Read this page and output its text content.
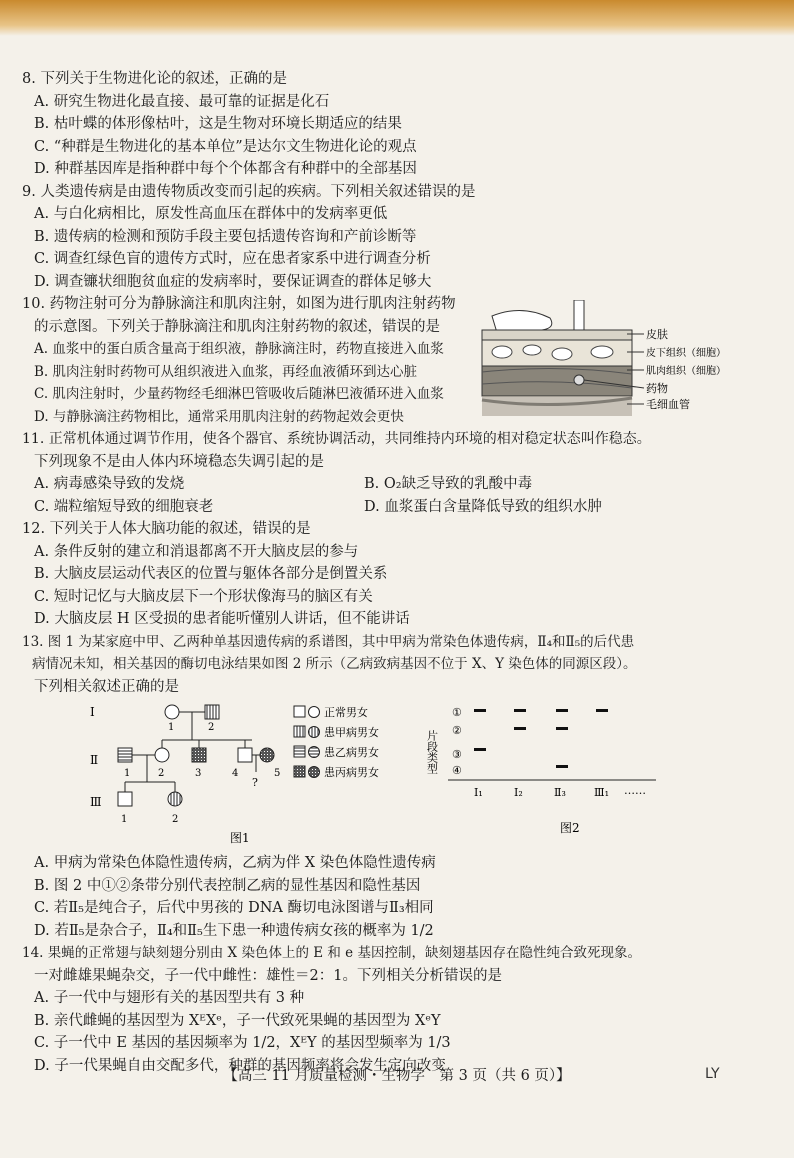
8. 下列关于生物进化论的叙述，正确的是

A. 研究生物进化最直接、最可靠的证据是化石

B. 枯叶蝶的体形像枯叶，这是生物对环境长期适应的结果

C. “种群是生物进化的基本单位”是达尔文生物进化论的观点

D. 种群基因库是指种群中每个个体都含有种群中的全部基因

9. 人类遗传病是由遗传物质改变而引起的疾病。下列相关叙述错误的是

A. 与白化病相比，原发性高血压在群体中的发病率更低

B. 遗传病的检测和预防手段主要包括遗传咨询和产前诊断等

C. 调查红绿色盲的遗传方式时，应在患者家系中进行调查分析

D. 调查镰状细胞贫血症的发病率时，要保证调查的群体足够大

10. 药物注射可分为静脉滴注和肌肉注射，如图为进行肌肉注射药物

的示意图。下列关于静脉滴注和肌肉注射药物的叙述，错误的是

A. 血浆中的蛋白质含量高于组织液，静脉滴注时，药物直接进入血浆

B. 肌肉注射时药物可从组织液进入血浆，再经血液循环到达心脏

C. 肌肉注射时，少量药物经毛细淋巴管吸收后随淋巴液循环进入血浆

D. 与静脉滴注药物相比，通常采用肌肉注射的药物起效会更快

11. 正常机体通过调节作用，使各个器官、系统协调活动，共同维持内环境的相对稳定状态叫作稳态。

下列现象不是由人体内环境稳态失调引起的是

A. 病毒感染导致的发烧	B. O₂缺乏导致的乳酸中毒

C. 端粒缩短导致的细胞衰老	D. 血浆蛋白含量降低导致的组织水肿

12. 下列关于人体大脑功能的叙述，错误的是

A. 条件反射的建立和消退都离不开大脑皮层的参与

B. 大脑皮层运动代表区的位置与躯体各部分是倒置关系

C. 短时记忆与大脑皮层下一个形状像海马的脑区有关

D. 大脑皮层 H 区受损的患者能听懂别人讲话，但不能讲话

13. 图 1 为某家庭中甲、乙两种单基因遗传病的系谱图，其中甲病为常染色体遗传病，Ⅱ₄和Ⅱ₅的后代患

病情况未知，相关基因的酶切电泳结果如图 2 所示（乙病致病基因不位于 X、Y 染色体的同源区段）。

下列相关叙述正确的是

Ⅰ
Ⅱ
Ⅲ
1	2
1	2	3	4	5
?
1	2
正常男女
患甲病男女
患乙病男女
患丙病男女
图1
片段类型
①
②
③
④
Ⅰ₁	Ⅰ₂	Ⅱ₃	Ⅲ₁ ……
图2

A. 甲病为常染色体隐性遗传病，乙病为伴 X 染色体隐性遗传病

B. 图 2 中①②条带分别代表控制乙病的显性基因和隐性基因

C. 若Ⅱ₅是纯合子，后代中男孩的 DNA 酶切电泳图谱与Ⅱ₃相同

D. 若Ⅱ₅是杂合子，Ⅱ₄和Ⅱ₅生下患一种遗传病女孩的概率为 1/2

14. 果蝇的正常翅与缺刻翅分别由 X 染色体上的 E 和 e 基因控制，缺刻翅基因存在隐性纯合致死现象。

一对雌雄果蝇杂交，子一代中雌性：雄性＝2：1。下列相关分析错误的是

A. 子一代中与翅形有关的基因型共有 3 种

B. 亲代雌蝇的基因型为 XᴱXᵉ，子一代致死果蝇的基因型为 XᵉY

C. 子一代中 E 基因的基因频率为 1/2，XᴱY 的基因型频率为 1/3

D. 子一代果蝇自由交配多代，种群的基因频率将会发生定向改变

皮肤
皮下组织（细胞）
肌肉组织（细胞）
药物
毛细血管
【高三 11 月质量检测・生物学　第 3 页（共 6 页）】	LY
